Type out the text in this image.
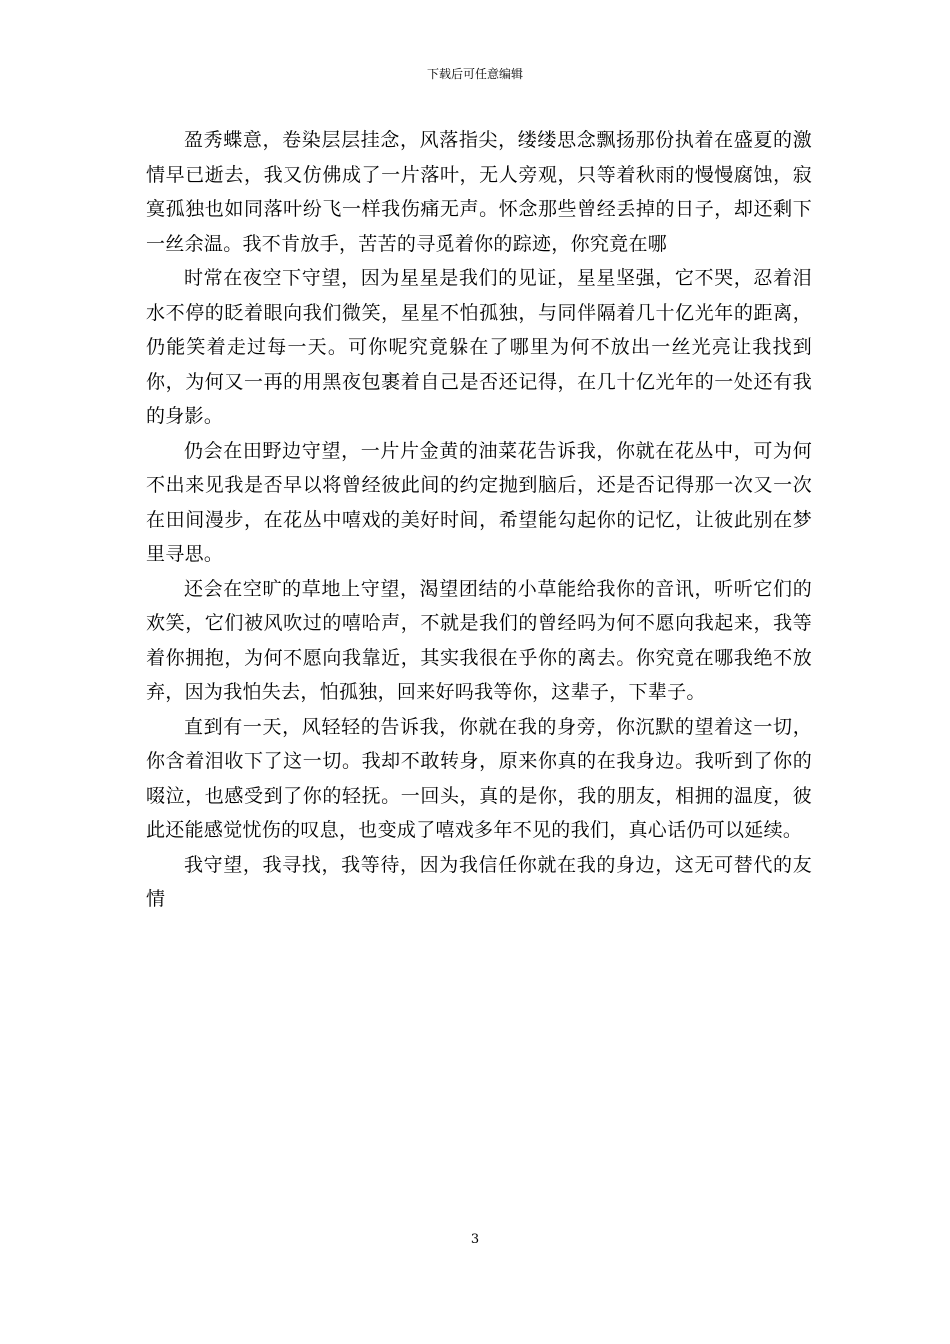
下载后可任意编辑

盈秀蝶意，卷染层层挂念，风落指尖，缕缕思念飘扬那份执着在盛夏的激情早已逝去，我又仿佛成了一片落叶，无人旁观，只等着秋雨的慢慢腐蚀，寂寞孤独也如同落叶纷飞一样我伤痛无声。怀念那些曾经丢掉的日子，却还剩下一丝余温。我不肯放手，苦苦的寻觅着你的踪迹，你究竟在哪

时常在夜空下守望，因为星星是我们的见证，星星坚强，它不哭，忍着泪水不停的眨着眼向我们微笑，星星不怕孤独，与同伴隔着几十亿光年的距离，仍能笑着走过每一天。可你呢究竟躲在了哪里为何不放出一丝光亮让我找到你，为何又一再的用黑夜包裹着自己是否还记得，在几十亿光年的一处还有我的身影。

仍会在田野边守望，一片片金黄的油菜花告诉我，你就在花丛中，可为何不出来见我是否早以将曾经彼此间的约定抛到脑后，还是否记得那一次又一次在田间漫步，在花丛中嘻戏的美好时间，希望能勾起你的记忆，让彼此别在梦里寻思。

还会在空旷的草地上守望，渴望团结的小草能给我你的音讯，听听它们的欢笑，它们被风吹过的嘻哈声，不就是我们的曾经吗为何不愿向我起来，我等着你拥抱，为何不愿向我靠近，其实我很在乎你的离去。你究竟在哪我绝不放弃，因为我怕失去，怕孤独，回来好吗我等你，这辈子，下辈子。

直到有一天，风轻轻的告诉我，你就在我的身旁，你沉默的望着这一切，你含着泪收下了这一切。我却不敢转身，原来你真的在我身边。我听到了你的啜泣，也感受到了你的轻抚。一回头，真的是你，我的朋友，相拥的温度，彼此还能感觉忧伤的叹息，也变成了嘻戏多年不见的我们，真心话仍可以延续。

我守望，我寻找，我等待，因为我信任你就在我的身边，这无可替代的友情

3
